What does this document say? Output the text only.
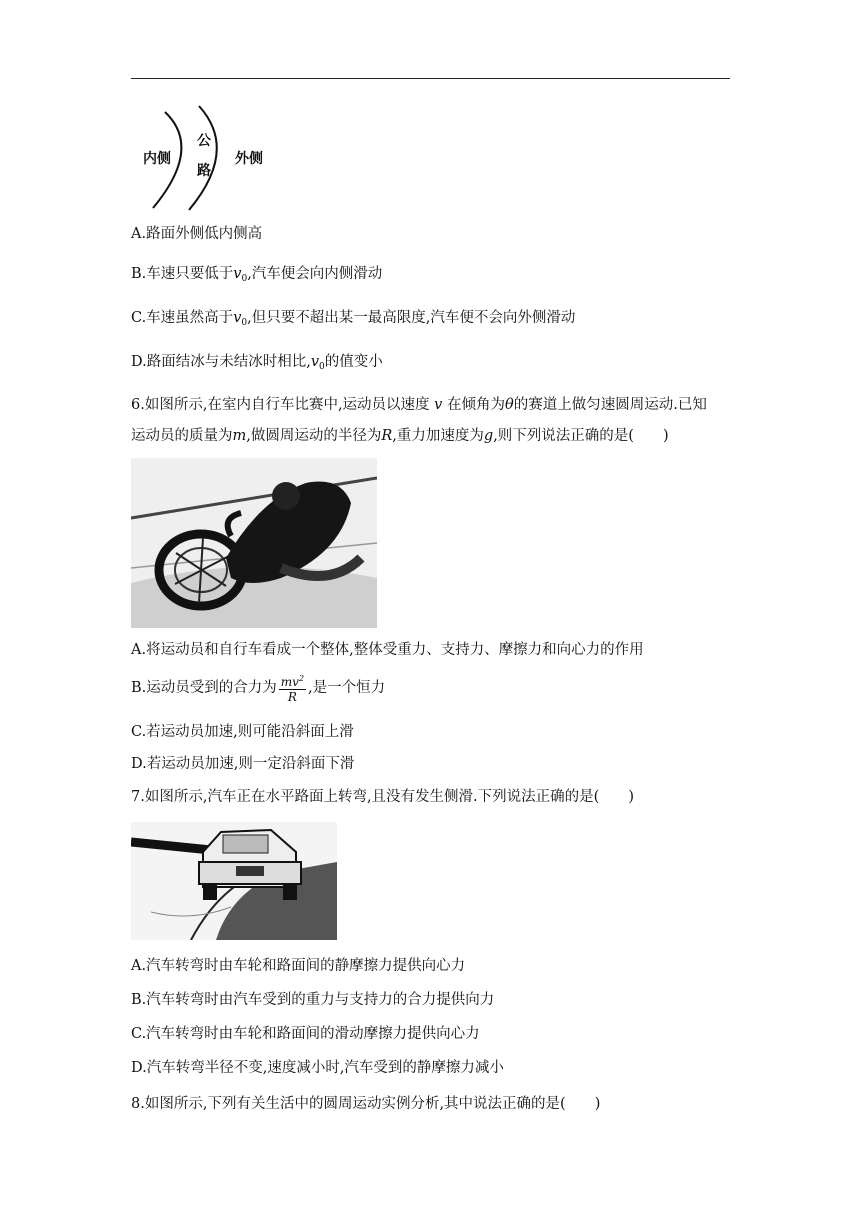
内侧
公
路
外侧
A.路面外侧低内侧高
B.车速只要低于$v_0$,汽车便会向内侧滑动
C.车速虽然高于$v_0$,但只要不超出某一最高限度,汽车便不会向外侧滑动
D.路面结冰与未结冰时相比$,v_0$的值变小
6.如图所示,在室内自行车比赛中,运动员以速度 v 在倾角为θ的赛道上做匀速圆周运动.已知
运动员的质量为m,做圆周运动的半径为R,重力加速度为g,则下列说法正确的是(　　)
A.将运动员和自行车看成一个整体,整体受重力、支持力、摩擦力和向心力的作用
B.运动员受到的合力为 $\frac{mv^2}{R}$ ,是一个恒力
C.若运动员加速,则可能沿斜面上滑
D.若运动员加速,则一定沿斜面下滑
7.如图所示,汽车正在水平路面上转弯,且没有发生侧滑.下列说法正确的是(　　)
A.汽车转弯时由车轮和路面间的静摩擦力提供向心力
B.汽车转弯时由汽车受到的重力与支持力的合力提供向力
C.汽车转弯时由车轮和路面间的滑动摩擦力提供向心力
D.汽车转弯半径不变,速度减小时,汽车受到的静摩擦力减小
8.如图所示,下列有关生活中的圆周运动实例分析,其中说法正确的是(　　)
